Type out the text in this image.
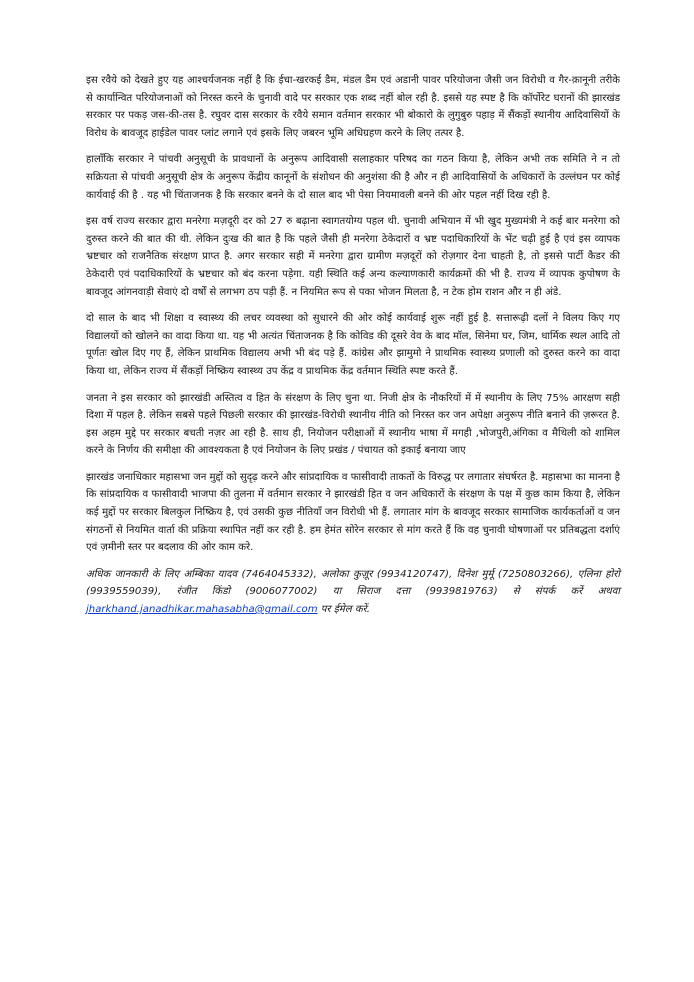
इस रवैये को देखते हुए यह आश्चर्यजनक नहीं है कि ईचा-खरकई डैम, मंडल डैम एवं अडानी पावर परियोजना जैसी जन विरोधी व गैर-क़ानूनी तरीके से कार्यान्वित परियोजनाओं को निरस्त करने के चुनावी वादे पर सरकार एक शब्द नहीं बोल रही है. इससे यह स्पष्ट है कि कॉर्पोरेट घरानों की झारखंड सरकार पर पकड़ जस-की-तस है. रघुवर दास सरकार के रवैये समान वर्तमान सरकार भी बोकारो के लुगुबुरु पहाड़ में सैंकड़ों स्थानीय आदिवासियों के विरोध के बावजूद हाईडेल पावर प्लांट लगाने एवं इसके लिए जबरन भूमि अधिग्रहण करने के लिए तत्पर है.

हालाँकि सरकार ने पांचवी अनुसूची के प्रावधानों के अनुरूप आदिवासी सलाहकार परिषद का गठन किया है, लेकिन अभी तक समिति ने न तो सक्रियता से पांचवी अनुसूची क्षेत्र के अनुरूप केंद्रीय कानूनों के संशोधन की अनुशंसा की है और न ही आदिवासियों के अधिकारों के उल्लंघन पर कोई कार्यवाई की है . यह भी चिंताजनक है कि सरकार बनने के दो साल बाद भी पेसा नियमावली बनने की ओर पहल नहीं दिख रही है.

इस वर्ष राज्य सरकार द्वारा मनरेगा मज़दूरी दर को 27 रु बढ़ाना स्वागतयोग्य पहल थी. चुनावी अभियान में भी खुद मुख्यमंत्री ने कई बार मनरेगा को दुरुस्त करने की बात की थी. लेकिन दुःख की बात है कि पहले जैसी ही मनरेगा ठेकेदारों व भ्रष्ट पदाधिकारियों के भेंट चढ़ी हुई है एवं इस व्यापक भ्रष्टचार को राजनैतिक संरक्षण प्राप्त है. अगर सरकार सही में मनरेगा द्वारा ग्रामीण मज़दूरों को रोज़गार देना चाहती है, तो इससे पार्टी कैडर की ठेकेदारी एवं पदाधिकारियों के भ्रष्टचार को बंद करना पड़ेगा. यही स्थिति कई अन्य कल्याणकारी कार्यक्रमों की भी है. राज्य में व्यापक कुपोषण के बावजूद आंगनवाड़ी सेवाएं दो वर्षों से लगभग ठप पड़ी हैं. न नियमित रूप से पका भोजन मिलता है, न टेक होम राशन और न ही अंडे.

दो साल के बाद भी शिक्षा व स्वास्थ्य की लचर व्यवस्था को सुधारने की ओर कोई कार्यवाई शुरू नहीं हुई है. सत्तारूढ़ी दलों ने विलय किए गए विद्यालयों को खोलने का वादा किया था. यह भी अत्यंत चिंताजनक है कि कोविड की दूसरे वेव के बाद मॉल, सिनेमा घर, जिम, धार्मिक स्थल आदि तो पूर्णतः खोल दिए गए हैं, लेकिन प्राथमिक विद्यालय अभी भी बंद पड़े हैं. कांग्रेस और झामुमो ने प्राथमिक स्वास्थ्य प्रणाली को दुरुस्त करने का वादा किया था, लेकिन राज्य में सैंकड़ों निष्क्रिय स्वास्थ्य उप केंद्र व प्राथमिक केंद्र वर्तमान स्थिति स्पष्ट करते हैं.

जनता ने इस सरकार को झारखंडी अस्तित्व व हित के संरक्षण के लिए चुना था. निजी क्षेत्र के नौकरियों में में स्थानीय के लिए 75% आरक्षण सही दिशा में पहल है. लेकिन सबसे पहले पिछली सरकार की झारखंड-विरोधी स्थानीय नीति को निरस्त कर जन अपेक्षा अनुरूप नीति बनाने की ज़रूरत है. इस अहम मुद्दे पर सरकार बचती नज़र आ रही है. साथ ही, नियोजन परीक्षाओं में स्थानीय भाषा में मगही ,भोजपुरी,अंगिका व मैथिली को शामिल करने के निर्णय की समीक्षा की आवश्यकता है एवं नियोजन के लिए प्रखंड / पंचायत को इकाई बनाया जाए

झारखंड जनाधिकार महासभा जन मुद्दों को सुदृढ़ करने और सांप्रदायिक व फासीवादी ताकतों के विरुद्ध पर लगातार संघर्षरत है. महासभा का मानना है कि सांप्रदायिक व फासीवादी भाजपा की तुलना में वर्तमान सरकार ने झारखंडी हित व जन अधिकारों के संरक्षण के पक्ष में कुछ काम किया है, लेकिन कई मुद्दों पर सरकार बिलकुल निष्क्रिय है, एवं उसकी कुछ नीतियाँ जन विरोधी भी हैं. लगातार मांग के बावजूद सरकार सामाजिक कार्यकर्ताओं व जन संगठनों से नियमित वार्ता की प्रक्रिया स्थापित नहीं कर रही है. हम हेमंत सोरेन सरकार से मांग करते हैं कि वह चुनावी घोषणाओं पर प्रतिबद्धता दर्शाएं एवं ज़मीनी स्तर पर बदलाव की ओर काम करे.

अधिक जानकारी के लिए अम्बिका यादव (7464045332), अलोका कुज़ूर (9934120747), दिनेश मुर्मू (7250803266), एलिना होरो (9939559039), रंजीत किंडो (9006077002) या सिराज दत्ता (9939819763) से संपर्क करें अथवा jharkhand.janadhikar.mahasabha@gmail.com पर ईमेल करें.
